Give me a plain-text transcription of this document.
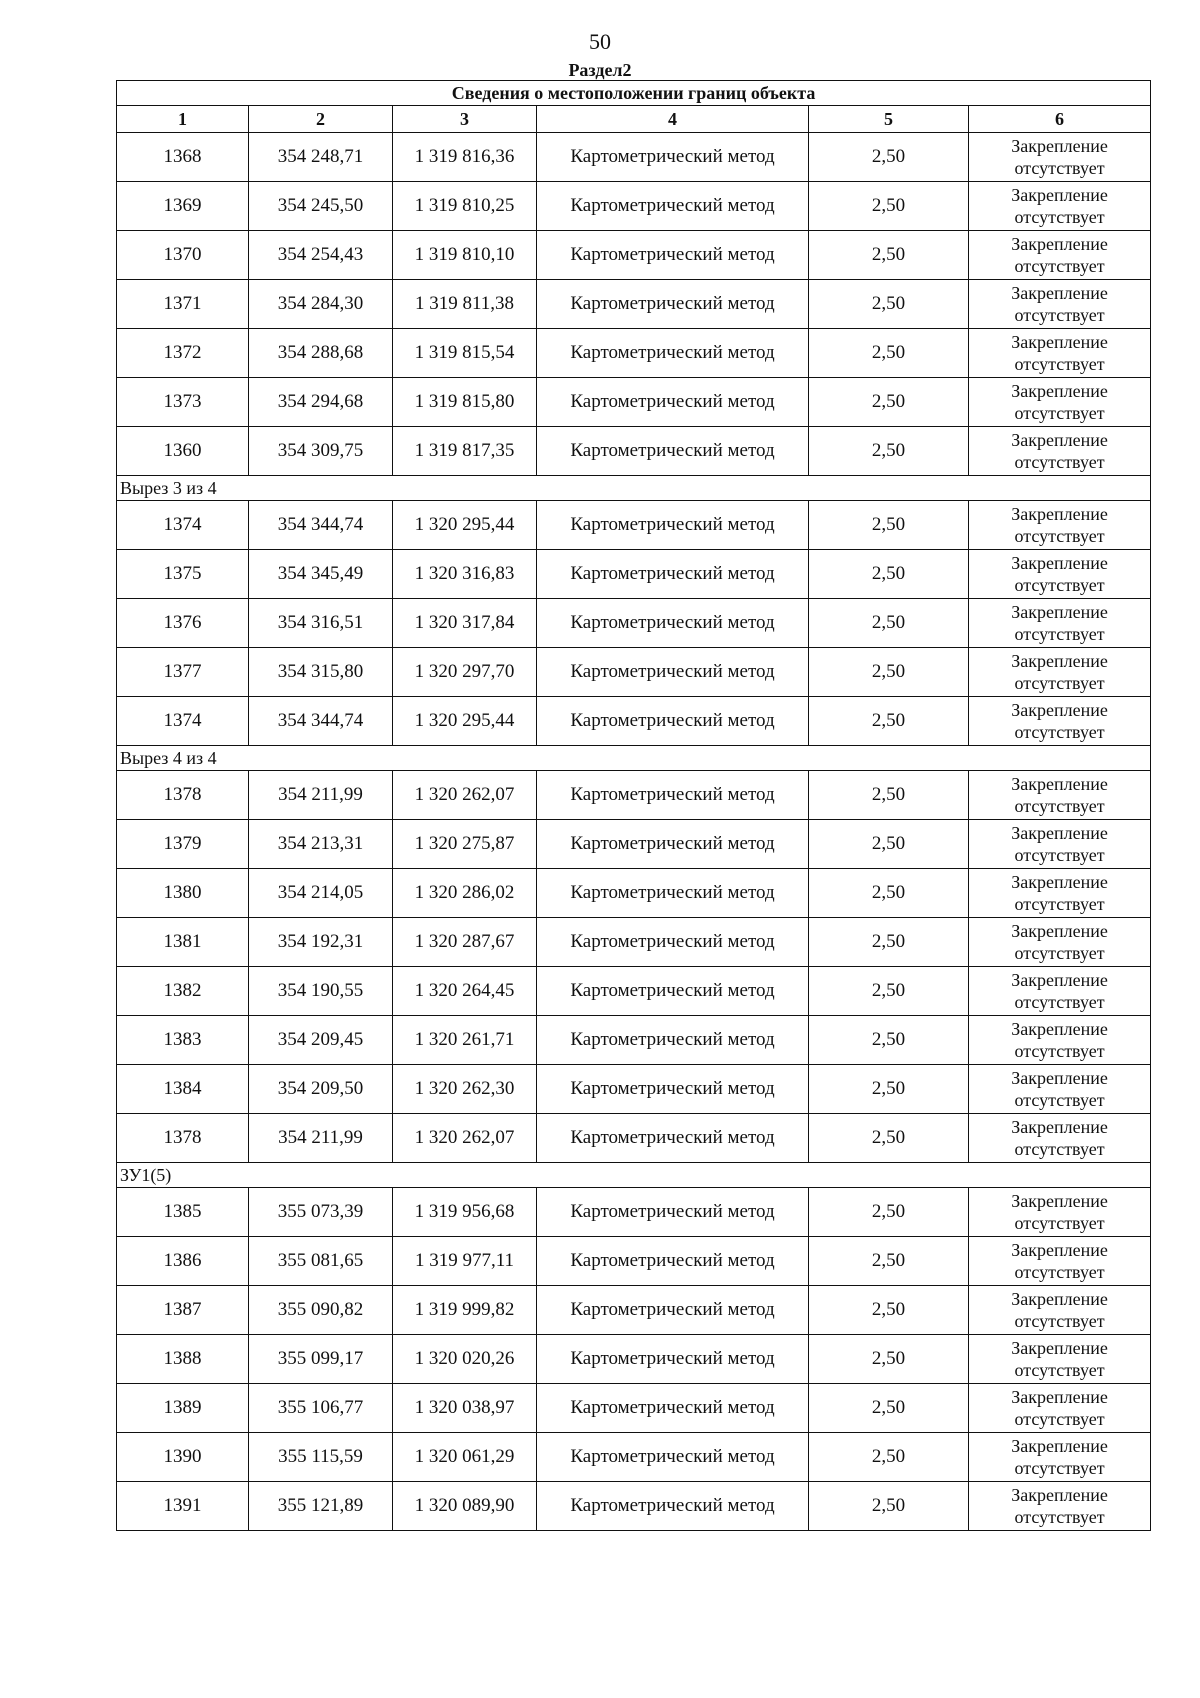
50
Раздел2
Сведения о местоположении границ объекта					
1	2	3	4	5	6
1368	354 248,71	1 319 816,36	Картометрический метод	2,50	Закрепление
отсутствует

1369	354 245,50	1 319 810,25	Картометрический метод	2,50	Закрепление
отсутствует

1370	354 254,43	1 319 810,10	Картометрический метод	2,50	Закрепление
отсутствует

1371	354 284,30	1 319 811,38	Картометрический метод	2,50	Закрепление
отсутствует

1372	354 288,68	1 319 815,54	Картометрический метод	2,50	Закрепление
отсутствует

1373	354 294,68	1 319 815,80	Картометрический метод	2,50	Закрепление
отсутствует

1360	354 309,75	1 319 817,35	Картометрический метод	2,50	Закрепление
отсутствует

Вырез 3 из 4					
1374	354 344,74	1 320 295,44	Картометрический метод	2,50	Закрепление
отсутствует

1375	354 345,49	1 320 316,83	Картометрический метод	2,50	Закрепление
отсутствует

1376	354 316,51	1 320 317,84	Картометрический метод	2,50	Закрепление
отсутствует

1377	354 315,80	1 320 297,70	Картометрический метод	2,50	Закрепление
отсутствует

1374	354 344,74	1 320 295,44	Картометрический метод	2,50	Закрепление
отсутствует

Вырез 4 из 4					
1378	354 211,99	1 320 262,07	Картометрический метод	2,50	Закрепление
отсутствует

1379	354 213,31	1 320 275,87	Картометрический метод	2,50	Закрепление
отсутствует

1380	354 214,05	1 320 286,02	Картометрический метод	2,50	Закрепление
отсутствует

1381	354 192,31	1 320 287,67	Картометрический метод	2,50	Закрепление
отсутствует

1382	354 190,55	1 320 264,45	Картометрический метод	2,50	Закрепление
отсутствует

1383	354 209,45	1 320 261,71	Картометрический метод	2,50	Закрепление
отсутствует

1384	354 209,50	1 320 262,30	Картометрический метод	2,50	Закрепление
отсутствует

1378	354 211,99	1 320 262,07	Картометрический метод	2,50	Закрепление
отсутствует

ЗУ1(5)					
1385	355 073,39	1 319 956,68	Картометрический метод	2,50	Закрепление
отсутствует

1386	355 081,65	1 319 977,11	Картометрический метод	2,50	Закрепление
отсутствует

1387	355 090,82	1 319 999,82	Картометрический метод	2,50	Закрепление
отсутствует

1388	355 099,17	1 320 020,26	Картометрический метод	2,50	Закрепление
отсутствует

1389	355 106,77	1 320 038,97	Картометрический метод	2,50	Закрепление
отсутствует

1390	355 115,59	1 320 061,29	Картометрический метод	2,50	Закрепление
отсутствует

1391	355 121,89	1 320 089,90	Картометрический метод	2,50	Закрепление
отсутствует
